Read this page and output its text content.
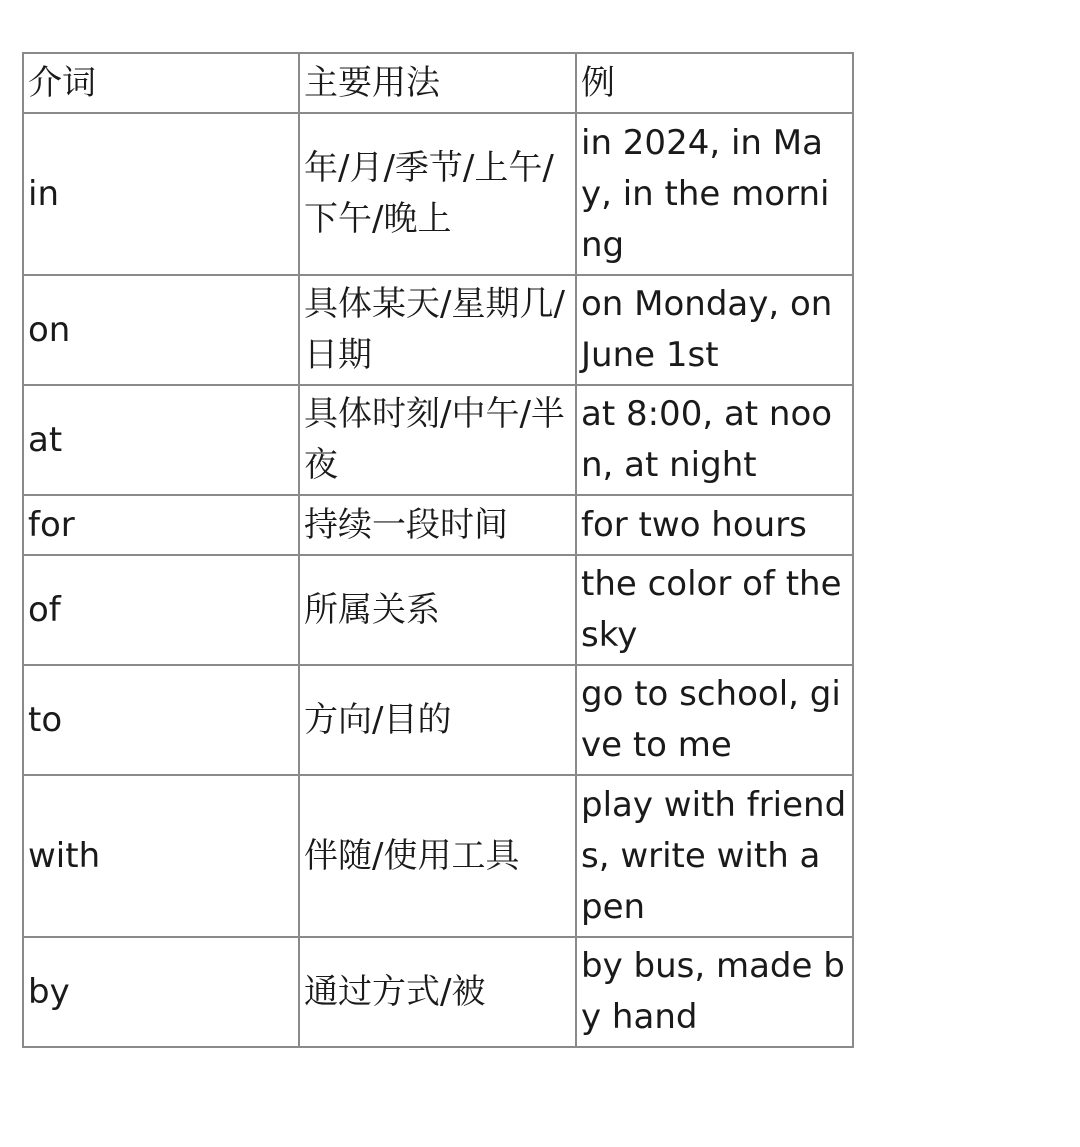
介词	主要用法	例
in	年/月/季节/上午/下午/晚上	in 2024, in May, in the morning
on	具体某天/星期几/日期	on Monday, on June 1st
at	具体时刻/中午/半夜	at 8:00, at noon, at night
for	持续一段时间	for two hours
of	所属关系	the color of the sky
to	方向/目的	go to school, give to me
with	伴随/使用工具	play with friends, write with a pen
by	通过方式/被	by bus, made by hand
